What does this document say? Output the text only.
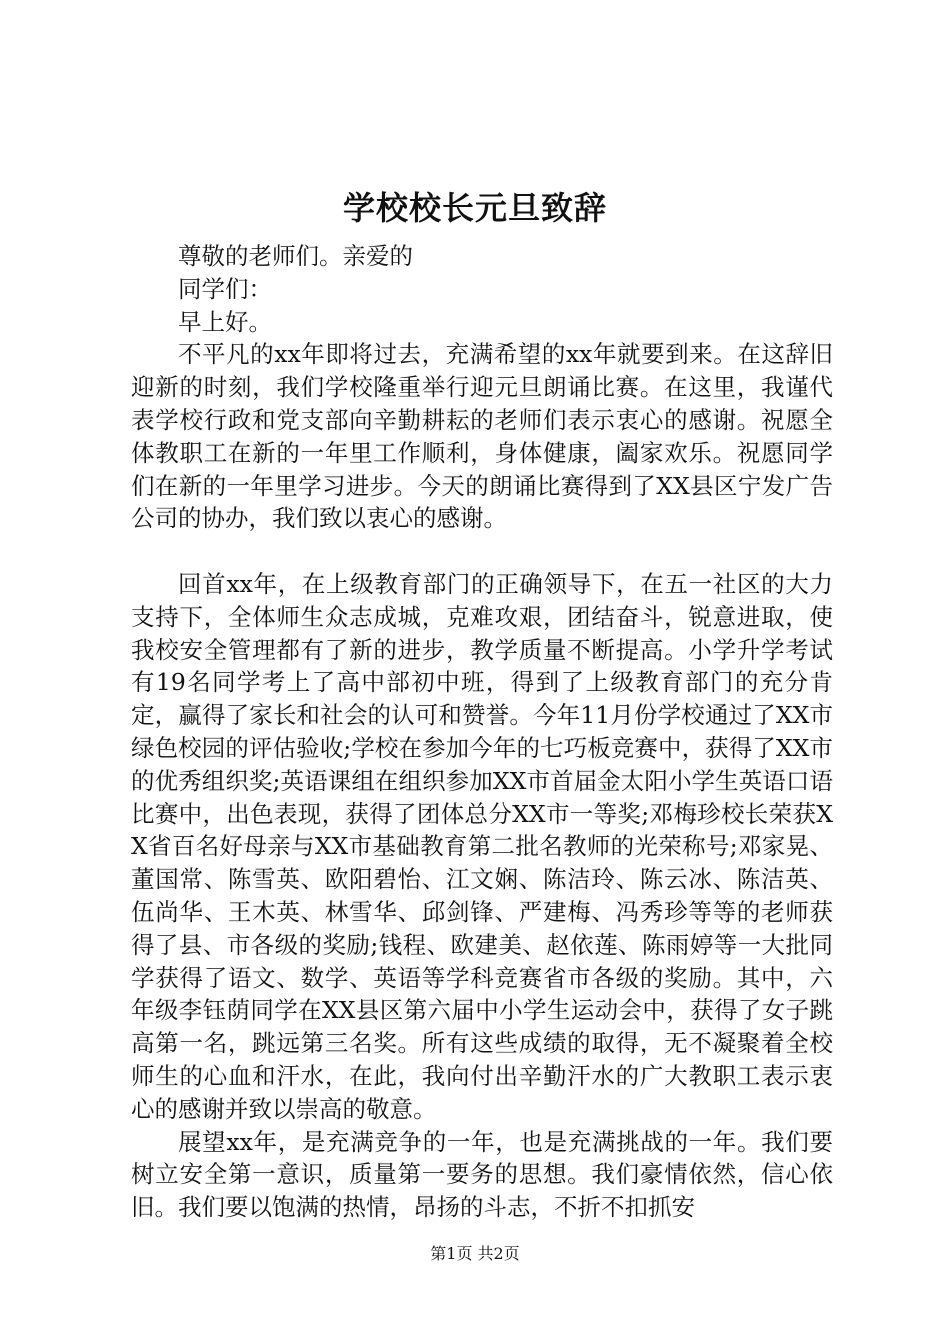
学校校长元旦致辞

尊敬的老师们。亲爱的

同学们：

早上好。

不平凡的xx年即将过去，充满希望的xx年就要到来。在这辞旧迎新的时刻，我们学校隆重举行迎元旦朗诵比赛。在这里，我谨代表学校行政和党支部向辛勤耕耘的老师们表示衷心的感谢。祝愿全体教职工在新的一年里工作顺利，身体健康，阖家欢乐。祝愿同学们在新的一年里学习进步。今天的朗诵比赛得到了XX县区宁发广告公司的协办，我们致以衷心的感谢。

回首xx年，在上级教育部门的正确领导下，在五一社区的大力支持下，全体师生众志成城，克难攻艰，团结奋斗，锐意进取，使我校安全管理都有了新的进步，教学质量不断提高。小学升学考试有19名同学考上了高中部初中班，得到了上级教育部门的充分肯定，赢得了家长和社会的认可和赞誉。今年11月份学校通过了XX市绿色校园的评估验收;学校在参加今年的七巧板竞赛中，获得了XX市的优秀组织奖;英语课组在组织参加XX市首届金太阳小学生英语口语比赛中，出色表现，获得了团体总分XX市一等奖;邓梅珍校长荣获XX省百名好母亲与XX市基础教育第二批名教师的光荣称号;邓家晃、董国常、陈雪英、欧阳碧怡、江文娴、陈洁玲、陈云冰、陈洁英、伍尚华、王木英、林雪华、邱剑锋、严建梅、冯秀珍等等的老师获得了县、市各级的奖励;钱程、欧建美、赵依莲、陈雨婷等一大批同学获得了语文、数学、英语等学科竞赛省市各级的奖励。其中，六年级李钰荫同学在XX县区第六届中小学生运动会中，获得了女子跳高第一名，跳远第三名奖。所有这些成绩的取得，无不凝聚着全校师生的心血和汗水，在此，我向付出辛勤汗水的广大教职工表示衷心的感谢并致以崇高的敬意。

展望xx年，是充满竞争的一年，也是充满挑战的一年。我们要树立安全第一意识，质量第一要务的思想。我们豪情依然，信心依旧。我们要以饱满的热情，昂扬的斗志，不折不扣抓安

第1页 共2页
